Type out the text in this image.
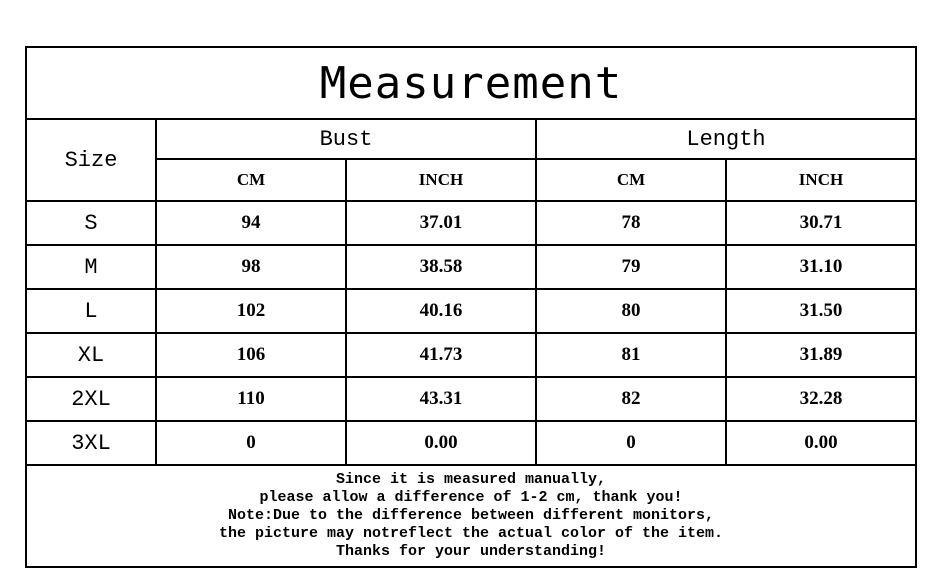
Measurement
Size
Bust	Length
CM	INCH	CM	INCH
S	94	37.01	78	30.71
M	98	38.58	79	31.10
L	102	40.16	80	31.50
XL	106	41.73	81	31.89
2XL	110	43.31	82	32.28
3XL	0	0.00	0	0.00
Since it is measured manually,
please allow a difference of 1-2 cm, thank you!
Note:Due to the difference between different monitors,
the picture may notreflect the actual color of the item.
Thanks for your understanding!
